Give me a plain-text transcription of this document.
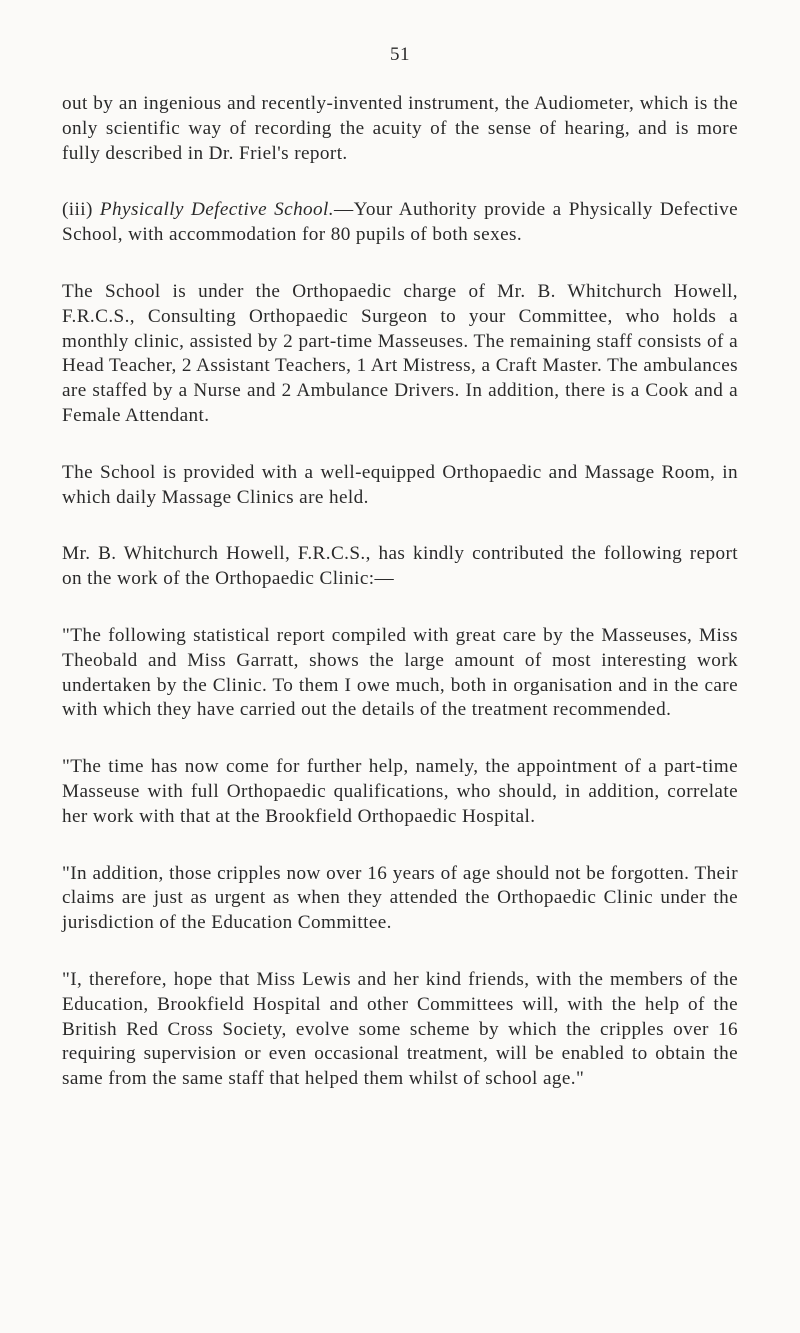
51

out by an ingenious and recently-invented instrument, the Audiometer, which is the only scientific way of recording the acuity of the sense of hearing, and is more fully described in Dr. Friel's report.

(iii) Physically Defective School.—Your Authority provide a Physically Defective School, with accommodation for 80 pupils of both sexes.

The School is under the Orthopaedic charge of Mr. B. Whitchurch Howell, F.R.C.S., Consulting Orthopaedic Surgeon to your Committee, who holds a monthly clinic, assisted by 2 part-time Masseuses. The remaining staff consists of a Head Teacher, 2 Assistant Teachers, 1 Art Mistress, a Craft Master. The ambulances are staffed by a Nurse and 2 Ambulance Drivers. In addition, there is a Cook and a Female Attendant.

The School is provided with a well-equipped Orthopaedic and Massage Room, in which daily Massage Clinics are held.

Mr. B. Whitchurch Howell, F.R.C.S., has kindly contributed the following report on the work of the Orthopaedic Clinic:—

"The following statistical report compiled with great care by the Masseuses, Miss Theobald and Miss Garratt, shows the large amount of most interesting work undertaken by the Clinic. To them I owe much, both in organisation and in the care with which they have carried out the details of the treatment recommended.

"The time has now come for further help, namely, the appointment of a part-time Masseuse with full Orthopaedic qualifications, who should, in addition, correlate her work with that at the Brookfield Orthopaedic Hospital.

"In addition, those cripples now over 16 years of age should not be forgotten. Their claims are just as urgent as when they attended the Orthopaedic Clinic under the jurisdiction of the Education Committee.

"I, therefore, hope that Miss Lewis and her kind friends, with the members of the Education, Brookfield Hospital and other Committees will, with the help of the British Red Cross Society, evolve some scheme by which the cripples over 16 requiring supervision or even occasional treatment, will be enabled to obtain the same from the same staff that helped them whilst of school age."
